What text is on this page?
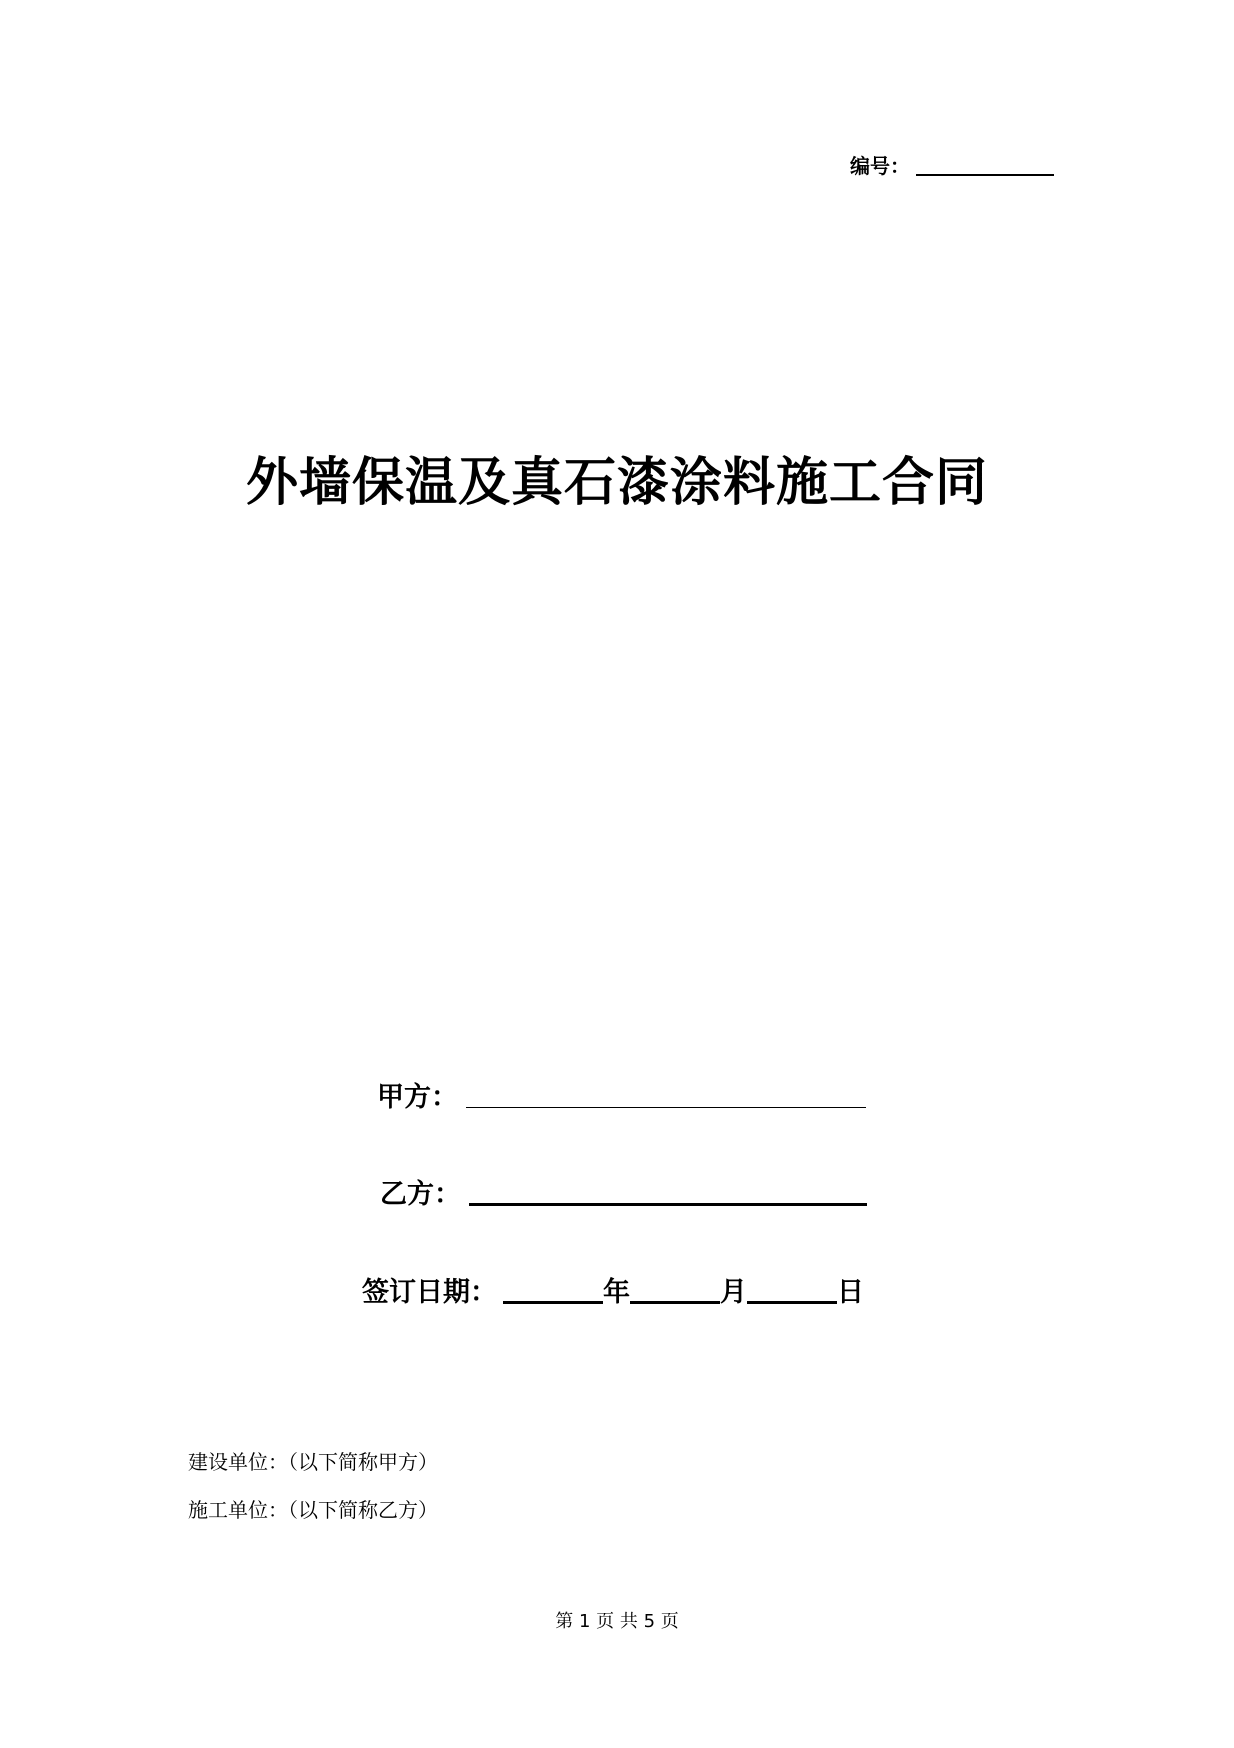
编号：
外墙保温及真石漆涂料施工合同
甲方：
乙方：
签订日期：	年	月	日
建设单位：（以下简称甲方）
施工单位：（以下简称乙方）
第 1 页 共 5 页
